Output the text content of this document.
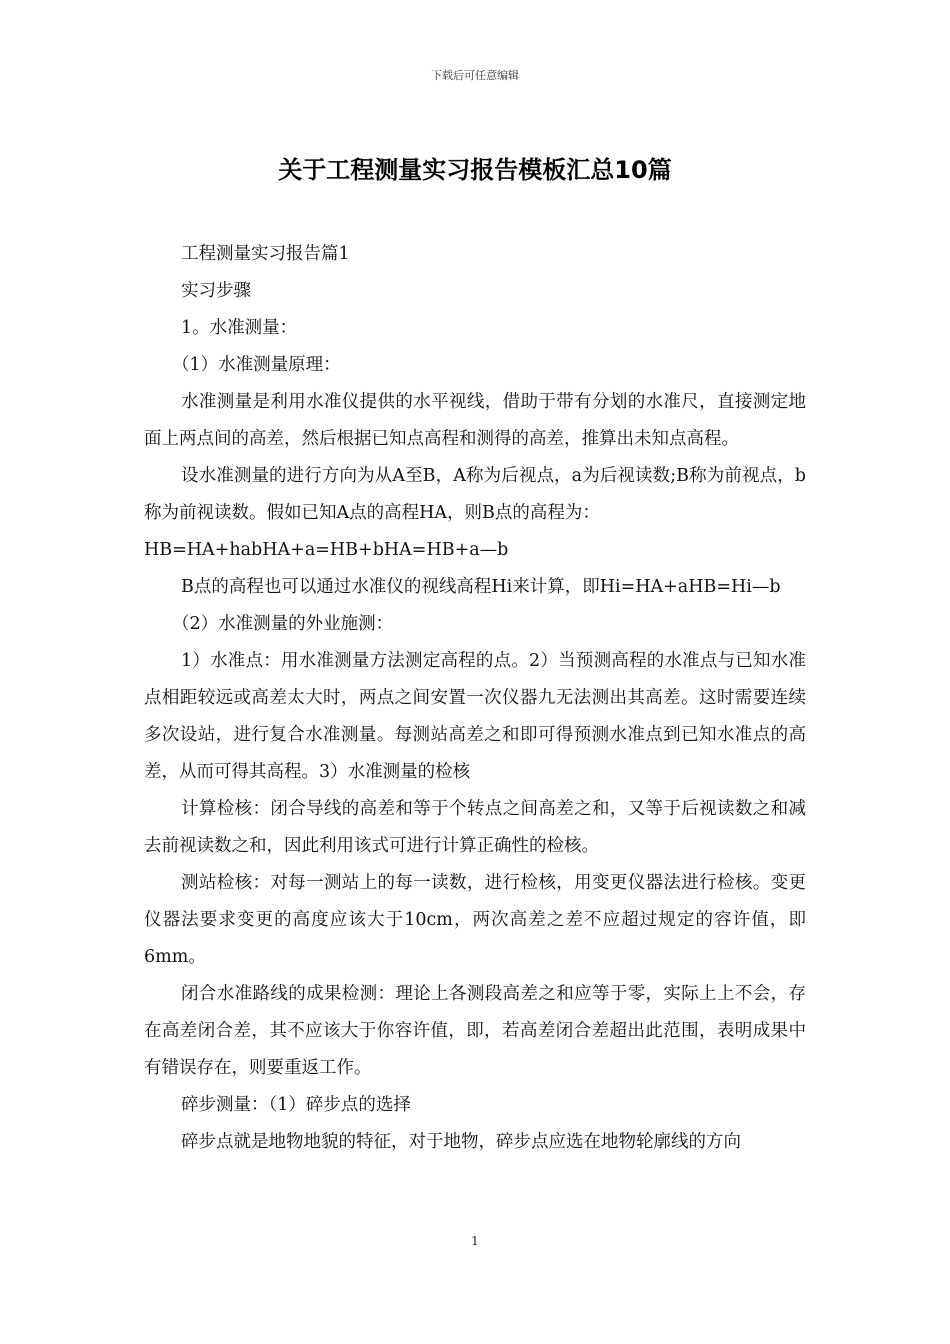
下载后可任意编辑
关于工程测量实习报告模板汇总10篇

工程测量实习报告篇1

实习步骤

1。水准测量：

（1）水准测量原理：

水准测量是利用水准仪提供的水平视线，借助于带有分划的水准尺，直接测定地面上两点间的高差，然后根据已知点高程和测得的高差，推算出未知点高程。

设水准测量的进行方向为从A至B，A称为后视点，a为后视读数;B称为前视点，b称为前视读数。假如已知A点的高程HA，则B点的高程为：

HB=HA+habHA+a=HB+bHA=HB+a—b

B点的高程也可以通过水准仪的视线高程Hi来计算，即Hi=HA+aHB=Hi—b

（2）水准测量的外业施测：

1）水准点：用水准测量方法测定高程的点。2）当预测高程的水准点与已知水准点相距较远或高差太大时，两点之间安置一次仪器九无法测出其高差。这时需要连续多次设站，进行复合水准测量。每测站高差之和即可得预测水准点到已知水准点的高差，从而可得其高程。3）水准测量的检核

计算检核：闭合导线的高差和等于个转点之间高差之和，又等于后视读数之和减去前视读数之和，因此利用该式可进行计算正确性的检核。

测站检核：对每一测站上的每一读数，进行检核，用变更仪器法进行检核。变更仪器法要求变更的高度应该大于10cm，两次高差之差不应超过规定的容许值，即6mm。

闭合水准路线的成果检测：理论上各测段高差之和应等于零，实际上上不会，存在高差闭合差，其不应该大于你容许值，即，若高差闭合差超出此范围，表明成果中有错误存在，则要重返工作。

碎步测量：（1）碎步点的选择

碎步点就是地物地貌的特征，对于地物，碎步点应选在地物轮廓线的方向

1
